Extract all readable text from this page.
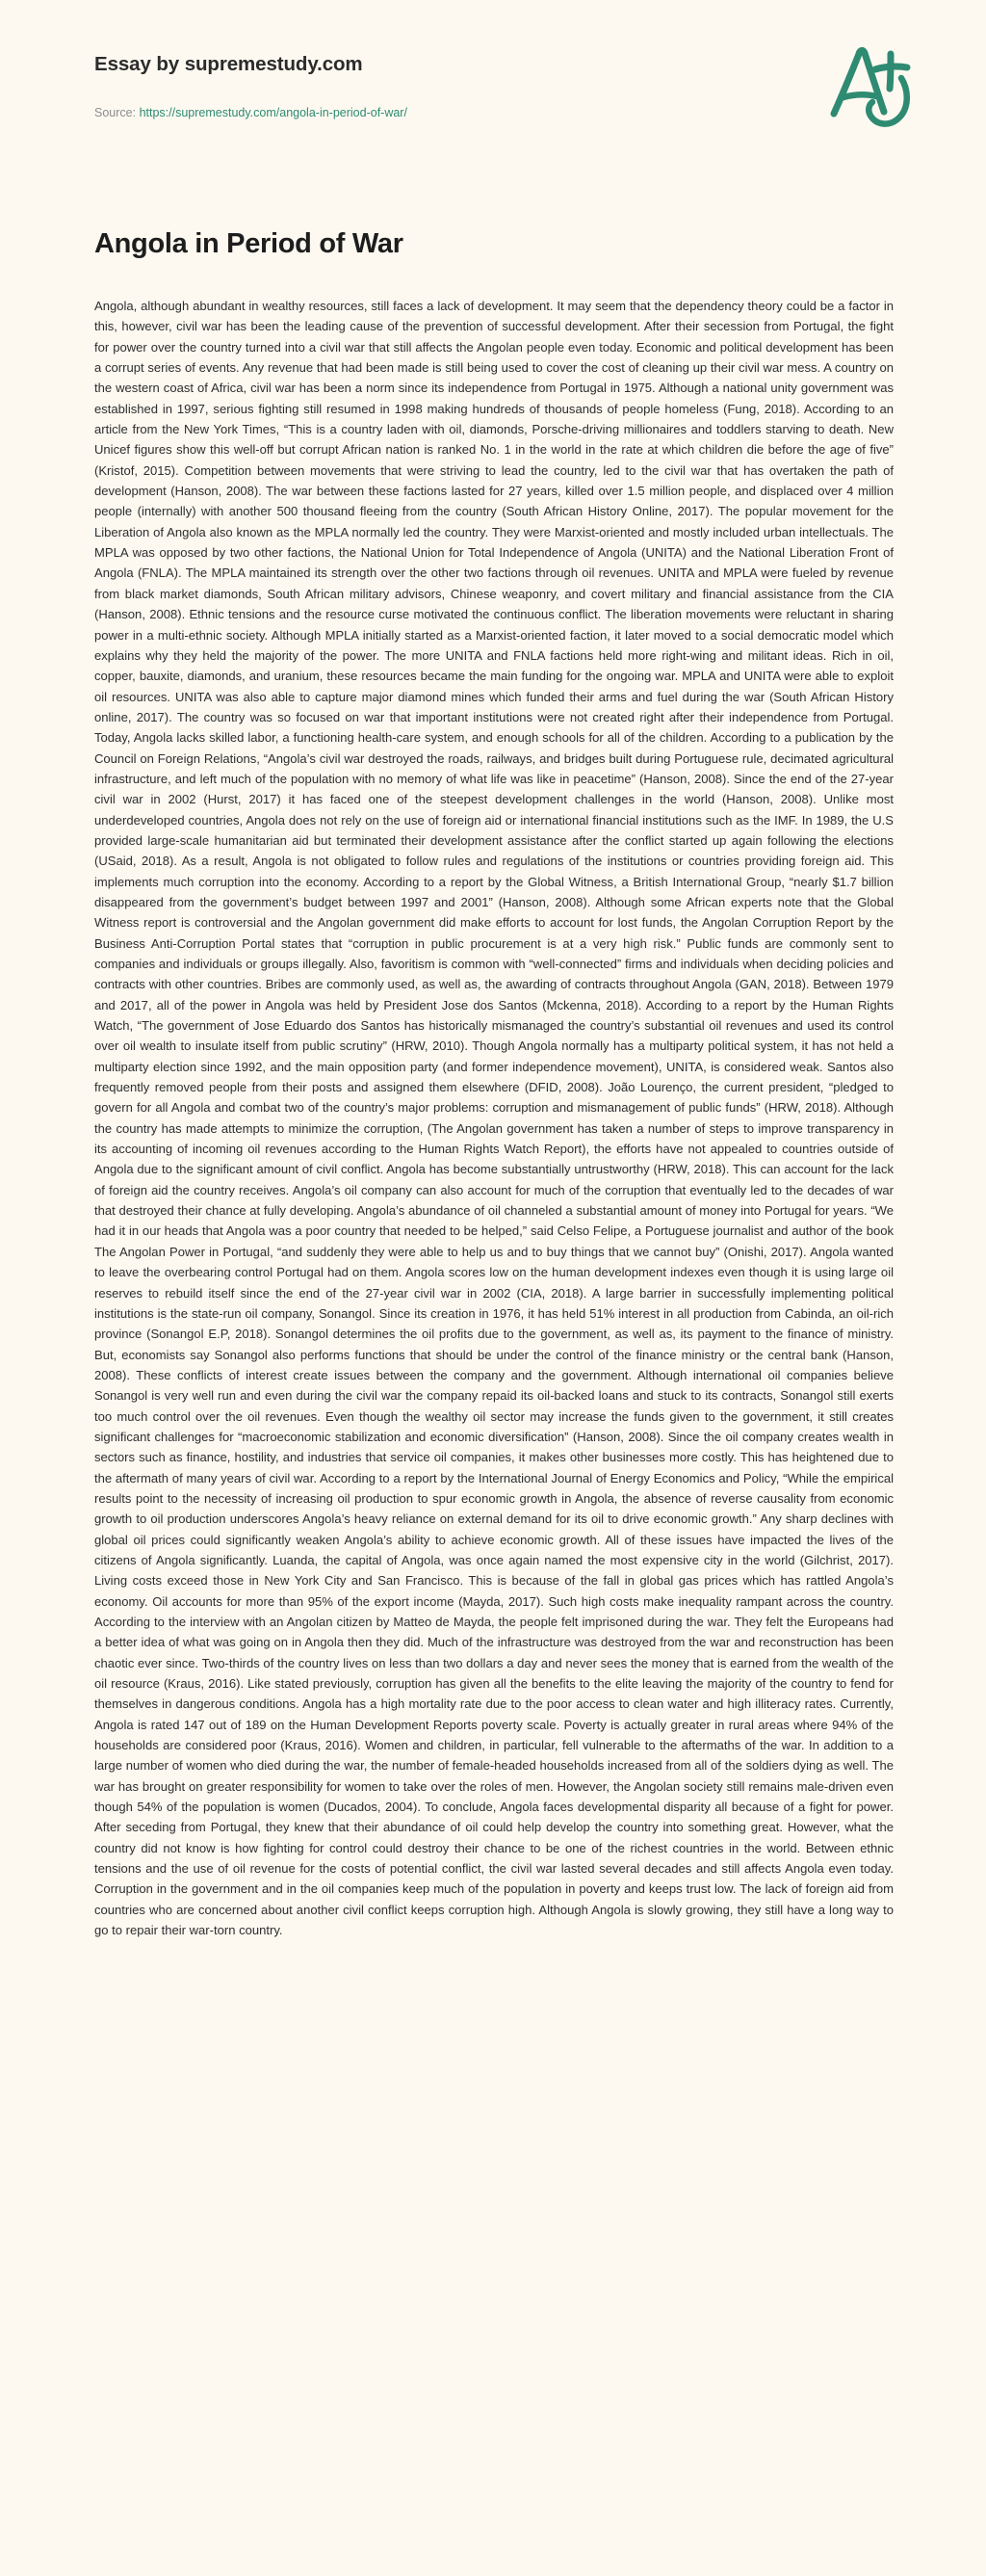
Essay by supremestudy.com
Source: https://supremestudy.com/angola-in-period-of-war/
Angola in Period of War

Angola, although abundant in wealthy resources, still faces a lack of development. It may seem that the dependency theory could be a factor in this, however, civil war has been the leading cause of the prevention of successful development. After their secession from Portugal, the fight for power over the country turned into a civil war that still affects the Angolan people even today. Economic and political development has been a corrupt series of events. Any revenue that had been made is still being used to cover the cost of cleaning up their civil war mess. A country on the western coast of Africa, civil war has been a norm since its independence from Portugal in 1975. Although a national unity government was established in 1997, serious fighting still resumed in 1998 making hundreds of thousands of people homeless (Fung, 2018). According to an article from the New York Times, “This is a country laden with oil, diamonds, Porsche-driving millionaires and toddlers starving to death. New Unicef figures show this well-off but corrupt African nation is ranked No. 1 in the world in the rate at which children die before the age of five” (Kristof, 2015). Competition between movements that were striving to lead the country, led to the civil war that has overtaken the path of development (Hanson, 2008). The war between these factions lasted for 27 years, killed over 1.5 million people, and displaced over 4 million people (internally) with another 500 thousand fleeing from the country (South African History Online, 2017). The popular movement for the Liberation of Angola also known as the MPLA normally led the country. They were Marxist-oriented and mostly included urban intellectuals. The MPLA was opposed by two other factions, the National Union for Total Independence of Angola (UNITA) and the National Liberation Front of Angola (FNLA). The MPLA maintained its strength over the other two factions through oil revenues. UNITA and MPLA were fueled by revenue from black market diamonds, South African military advisors, Chinese weaponry, and covert military and financial assistance from the CIA (Hanson, 2008). Ethnic tensions and the resource curse motivated the continuous conflict. The liberation movements were reluctant in sharing power in a multi-ethnic society. Although MPLA initially started as a Marxist-oriented faction, it later moved to a social democratic model which explains why they held the majority of the power. The more UNITA and FNLA factions held more right-wing and militant ideas. Rich in oil, copper, bauxite, diamonds, and uranium, these resources became the main funding for the ongoing war. MPLA and UNITA were able to exploit oil resources. UNITA was also able to capture major diamond mines which funded their arms and fuel during the war (South African History online, 2017). The country was so focused on war that important institutions were not created right after their independence from Portugal. Today, Angola lacks skilled labor, a functioning health-care system, and enough schools for all of the children. According to a publication by the Council on Foreign Relations, “Angola’s civil war destroyed the roads, railways, and bridges built during Portuguese rule, decimated agricultural infrastructure, and left much of the population with no memory of what life was like in peacetime” (Hanson, 2008). Since the end of the 27-year civil war in 2002 (Hurst, 2017) it has faced one of the steepest development challenges in the world (Hanson, 2008). Unlike most underdeveloped countries, Angola does not rely on the use of foreign aid or international financial institutions such as the IMF. In 1989, the U.S provided large-scale humanitarian aid but terminated their development assistance after the conflict started up again following the elections (USaid, 2018). As a result, Angola is not obligated to follow rules and regulations of the institutions or countries providing foreign aid. This implements much corruption into the economy. According to a report by the Global Witness, a British International Group, “nearly $1.7 billion disappeared from the government’s budget between 1997 and 2001” (Hanson, 2008). Although some African experts note that the Global Witness report is controversial and the Angolan government did make efforts to account for lost funds, the Angolan Corruption Report by the Business Anti-Corruption Portal states that “corruption in public procurement is at a very high risk.” Public funds are commonly sent to companies and individuals or groups illegally. Also, favoritism is common with “well-connected” firms and individuals when deciding policies and contracts with other countries. Bribes are commonly used, as well as, the awarding of contracts throughout Angola (GAN, 2018). Between 1979 and 2017, all of the power in Angola was held by President Jose dos Santos (Mckenna, 2018). According to a report by the Human Rights Watch, “The government of Jose Eduardo dos Santos has historically mismanaged the country’s substantial oil revenues and used its control over oil wealth to insulate itself from public scrutiny” (HRW, 2010). Though Angola normally has a multiparty political system, it has not held a multiparty election since 1992, and the main opposition party (and former independence movement), UNITA, is considered weak. Santos also frequently removed people from their posts and assigned them elsewhere (DFID, 2008). João Lourenço, the current president, “pledged to govern for all Angola and combat two of the country’s major problems: corruption and mismanagement of public funds” (HRW, 2018). Although the country has made attempts to minimize the corruption, (The Angolan government has taken a number of steps to improve transparency in its accounting of incoming oil revenues according to the Human Rights Watch Report), the efforts have not appealed to countries outside of Angola due to the significant amount of civil conflict. Angola has become substantially untrustworthy (HRW, 2018). This can account for the lack of foreign aid the country receives. Angola’s oil company can also account for much of the corruption that eventually led to the decades of war that destroyed their chance at fully developing. Angola’s abundance of oil channeled a substantial amount of money into Portugal for years. “We had it in our heads that Angola was a poor country that needed to be helped,” said Celso Felipe, a Portuguese journalist and author of the book The Angolan Power in Portugal, “and suddenly they were able to help us and to buy things that we cannot buy” (Onishi, 2017). Angola wanted to leave the overbearing control Portugal had on them. Angola scores low on the human development indexes even though it is using large oil reserves to rebuild itself since the end of the 27-year civil war in 2002 (CIA, 2018). A large barrier in successfully implementing political institutions is the state-run oil company, Sonangol. Since its creation in 1976, it has held 51% interest in all production from Cabinda, an oil-rich province (Sonangol E.P, 2018). Sonangol determines the oil profits due to the government, as well as, its payment to the finance of ministry. But, economists say Sonangol also performs functions that should be under the control of the finance ministry or the central bank (Hanson, 2008). These conflicts of interest create issues between the company and the government. Although international oil companies believe Sonangol is very well run and even during the civil war the company repaid its oil-backed loans and stuck to its contracts, Sonangol still exerts too much control over the oil revenues. Even though the wealthy oil sector may increase the funds given to the government, it still creates significant challenges for “macroeconomic stabilization and economic diversification” (Hanson, 2008). Since the oil company creates wealth in sectors such as finance, hostility, and industries that service oil companies, it makes other businesses more costly. This has heightened due to the aftermath of many years of civil war. According to a report by the International Journal of Energy Economics and Policy, “While the empirical results point to the necessity of increasing oil production to spur economic growth in Angola, the absence of reverse causality from economic growth to oil production underscores Angola’s heavy reliance on external demand for its oil to drive economic growth.” Any sharp declines with global oil prices could significantly weaken Angola’s ability to achieve economic growth. All of these issues have impacted the lives of the citizens of Angola significantly. Luanda, the capital of Angola, was once again named the most expensive city in the world (Gilchrist, 2017). Living costs exceed those in New York City and San Francisco. This is because of the fall in global gas prices which has rattled Angola’s economy. Oil accounts for more than 95% of the export income (Mayda, 2017). Such high costs make inequality rampant across the country. According to the interview with an Angolan citizen by Matteo de Mayda, the people felt imprisoned during the war. They felt the Europeans had a better idea of what was going on in Angola then they did. Much of the infrastructure was destroyed from the war and reconstruction has been chaotic ever since. Two-thirds of the country lives on less than two dollars a day and never sees the money that is earned from the wealth of the oil resource (Kraus, 2016). Like stated previously, corruption has given all the benefits to the elite leaving the majority of the country to fend for themselves in dangerous conditions. Angola has a high mortality rate due to the poor access to clean water and high illiteracy rates. Currently, Angola is rated 147 out of 189 on the Human Development Reports poverty scale. Poverty is actually greater in rural areas where 94% of the households are considered poor (Kraus, 2016). Women and children, in particular, fell vulnerable to the aftermaths of the war. In addition to a large number of women who died during the war, the number of female-headed households increased from all of the soldiers dying as well. The war has brought on greater responsibility for women to take over the roles of men. However, the Angolan society still remains male-driven even though 54% of the population is women (Ducados, 2004). To conclude, Angola faces developmental disparity all because of a fight for power. After seceding from Portugal, they knew that their abundance of oil could help develop the country into something great. However, what the country did not know is how fighting for control could destroy their chance to be one of the richest countries in the world. Between ethnic tensions and the use of oil revenue for the costs of potential conflict, the civil war lasted several decades and still affects Angola even today. Corruption in the government and in the oil companies keep much of the population in poverty and keeps trust low. The lack of foreign aid from countries who are concerned about another civil conflict keeps corruption high. Although Angola is slowly growing, they still have a long way to go to repair their war-torn country.
